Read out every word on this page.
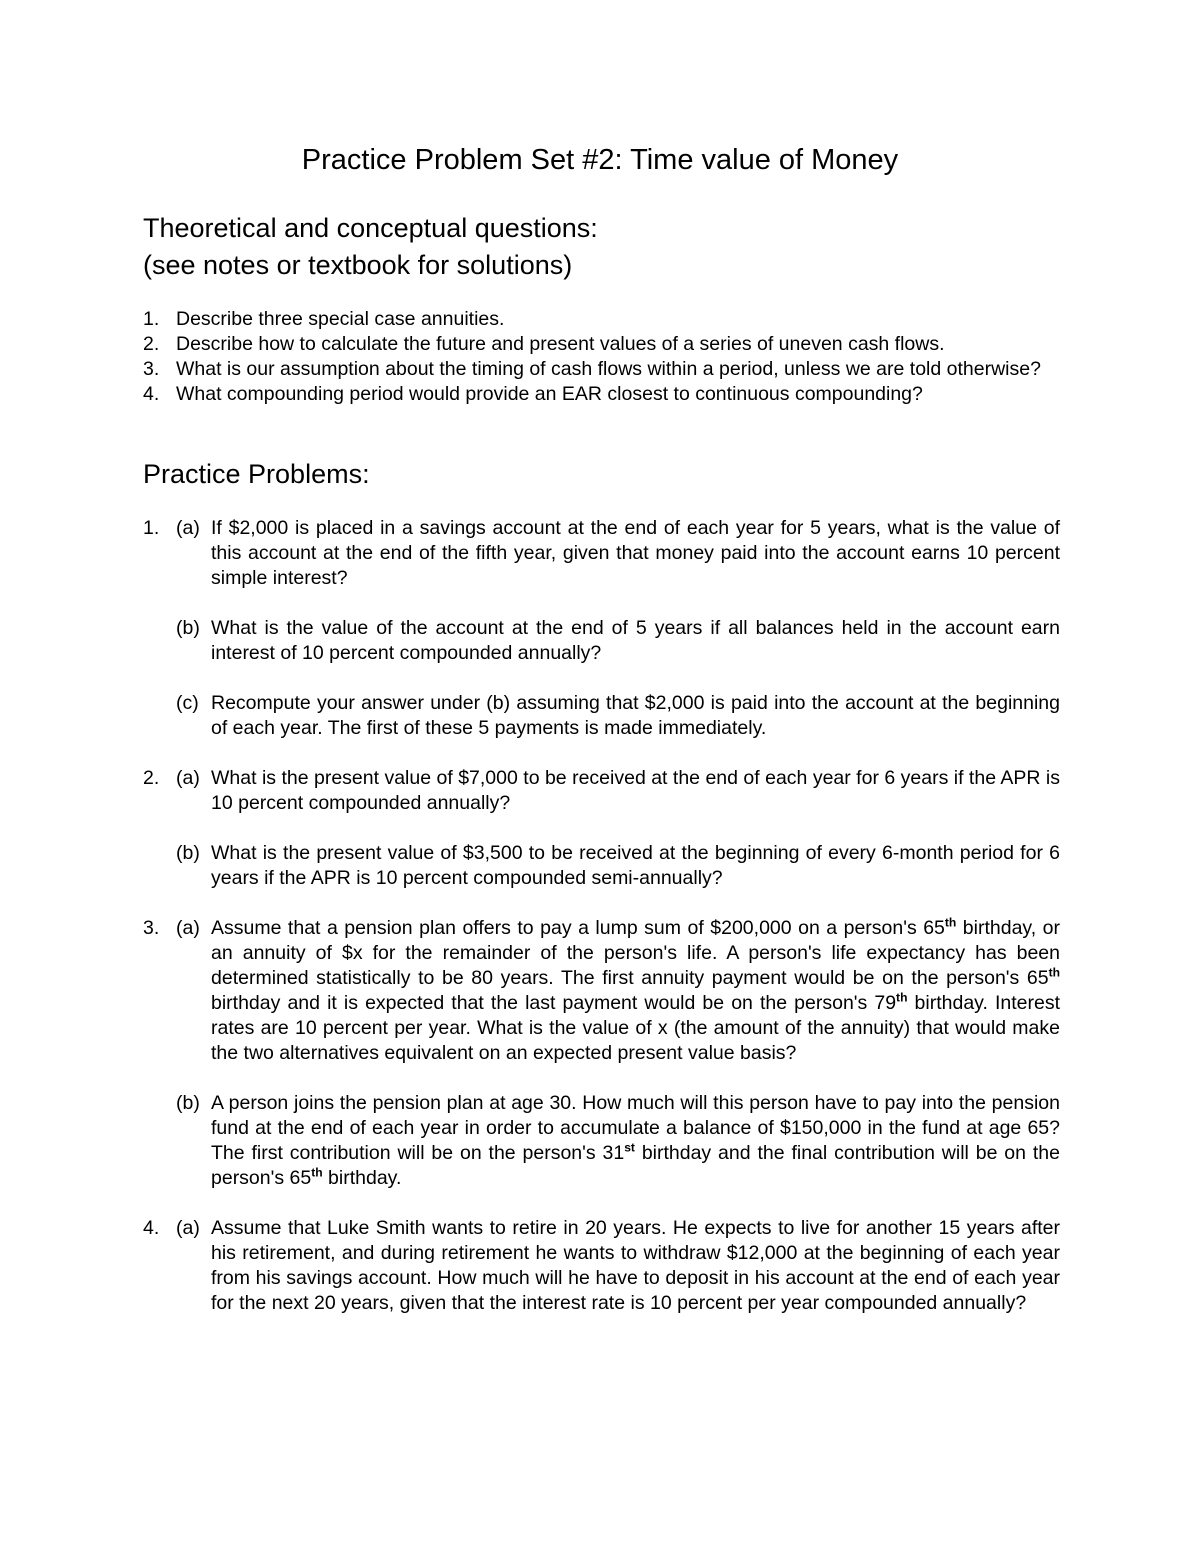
Practice Problem Set #2: Time value of Money
Theoretical and conceptual questions:
(see notes or textbook for solutions)
1. Describe three special case annuities.
2. Describe how to calculate the future and present values of a series of uneven cash flows.
3. What is our assumption about the timing of cash flows within a period, unless we are told otherwise?
4. What compounding period would provide an EAR closest to continuous compounding?
Practice Problems:
1. (a) If $2,000 is placed in a savings account at the end of each year for 5 years, what is the value of this account at the end of the fifth year, given that money paid into the account earns 10 percent simple interest?
(b) What is the value of the account at the end of 5 years if all balances held in the account earn interest of 10 percent compounded annually?
(c) Recompute your answer under (b) assuming that $2,000 is paid into the account at the beginning of each year. The first of these 5 payments is made immediately.
2. (a) What is the present value of $7,000 to be received at the end of each year for 6 years if the APR is 10 percent compounded annually?
(b) What is the present value of $3,500 to be received at the beginning of every 6-month period for 6 years if the APR is 10 percent compounded semi-annually?
3. (a) Assume that a pension plan offers to pay a lump sum of $200,000 on a person's 65th birthday, or an annuity of $x for the remainder of the person's life. A person's life expectancy has been determined statistically to be 80 years. The first annuity payment would be on the person's 65th birthday and it is expected that the last payment would be on the person's 79th birthday. Interest rates are 10 percent per year. What is the value of x (the amount of the annuity) that would make the two alternatives equivalent on an expected present value basis?
(b) A person joins the pension plan at age 30. How much will this person have to pay into the pension fund at the end of each year in order to accumulate a balance of $150,000 in the fund at age 65? The first contribution will be on the person's 31st birthday and the final contribution will be on the person's 65th birthday.
4. (a) Assume that Luke Smith wants to retire in 20 years. He expects to live for another 15 years after his retirement, and during retirement he wants to withdraw $12,000 at the beginning of each year from his savings account. How much will he have to deposit in his account at the end of each year for the next 20 years, given that the interest rate is 10 percent per year compounded annually?
